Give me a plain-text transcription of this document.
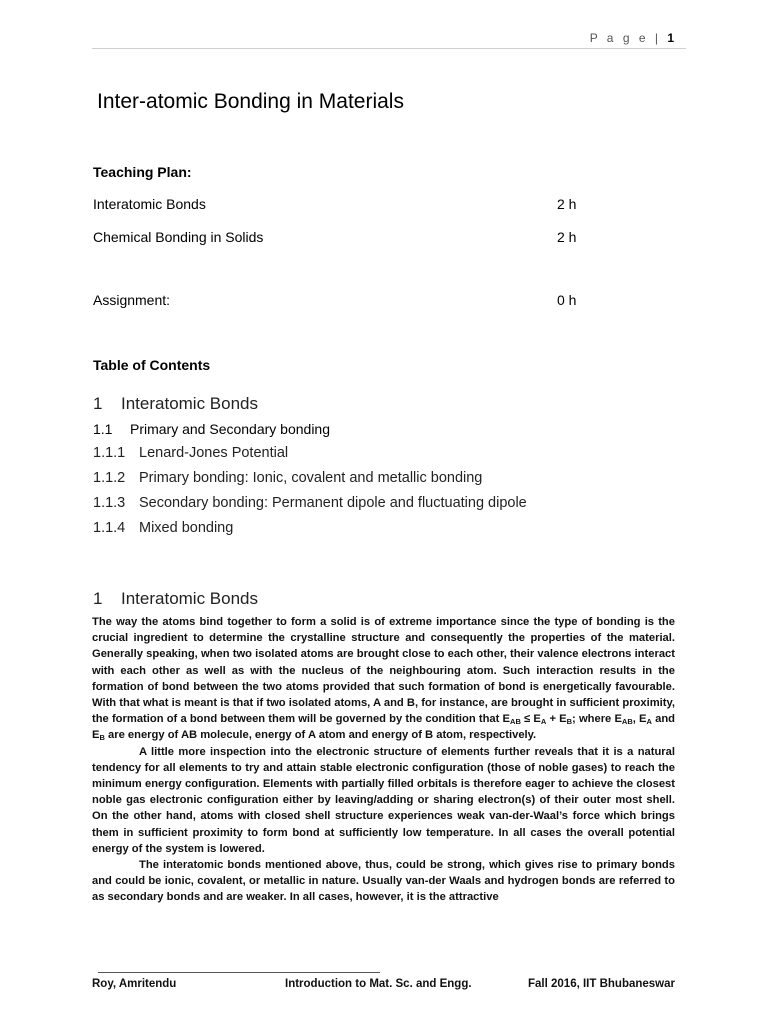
P a g e | 1
Inter-atomic Bonding in Materials
Teaching Plan:
Interatomic Bonds	2 h
Chemical Bonding in Solids	2 h
Assignment:	0 h
Table of Contents
1 Interatomic Bonds
1.1 Primary and Secondary bonding
1.1.1 Lenard-Jones Potential
1.1.2 Primary bonding: Ionic, covalent and metallic bonding
1.1.3 Secondary bonding: Permanent dipole and fluctuating dipole
1.1.4 Mixed bonding
1 Interatomic Bonds

The way the atoms bind together to form a solid is of extreme importance since the type of bonding is the crucial ingredient to determine the crystalline structure and consequently the properties of the material. Generally speaking, when two isolated atoms are brought close to each other, their valence electrons interact with each other as well as with the nucleus of the neighbouring atom. Such interaction results in the formation of bond between the two atoms provided that such formation of bond is energetically favourable. With that what is meant is that if two isolated atoms, A and B, for instance, are brought in sufficient proximity, the formation of a bond between them will be governed by the condition that $E_{AB} \le E_A + E_B$; where $E_{AB}$, $E_A$ and $E_B$ are energy of AB molecule, energy of A atom and energy of B atom, respectively.

A little more inspection into the electronic structure of elements further reveals that it is a natural tendency for all elements to try and attain stable electronic configuration (those of noble gases) to reach the minimum energy configuration. Elements with partially filled orbitals is therefore eager to achieve the closest noble gas electronic configuration either by leaving/adding or sharing electron(s) of their outer most shell. On the other hand, atoms with closed shell structure experiences weak van-der-Waal’s force which brings them in sufficient proximity to form bond at sufficiently low temperature. In all cases the overall potential energy of the system is lowered.

The interatomic bonds mentioned above, thus, could be strong, which gives rise to primary bonds and could be ionic, covalent, or metallic in nature. Usually van-der Waals and hydrogen bonds are referred to as secondary bonds and are weaker. In all cases, however, it is the attractive

Roy, Amritendu	Introduction to Mat. Sc. and Engg.	Fall 2016, IIT Bhubaneswar
